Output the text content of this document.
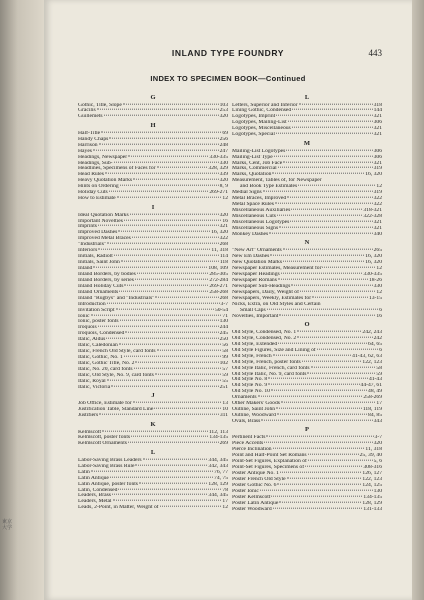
東京大学
INLAND TYPE FOUNDRY	443
INDEX TO SPECIMEN BOOK—Continued
G
Gothic, Title, Slope	103
Gracilis	253
Guillemets	320
H
Half-Title	69
Handy Chaps	256
Harrison	248
Hayes	247
Headings, Newspaper	330-335
Headings, Sub-	330
Headlines, Specimens of Faces for	328, 329
Head Rules	339
Heavy Quotation Marks	320
Hints on Ordering	8, 9
Holiday Cuts	269-271
How to Estimate	12
I
Ideal Quotation Marks	320
Important Novelties	16
Imprints	321
Improved Dashes	16, 320
Improved Metal Braces	322
"Industrials"	268
Inferiors	11, 318
Initials, Radiolt	114
Initials, Saint John	118
Inland	108, 109
Inland Borders, by bodies	285-305
Inland Borders, by series	272-284
Inland Holiday Cuts	269-271
Inland Ornaments	258-268
Inland "Rugbys" and "Industrials"	268
Introduction	3-7
Invitation Script	50-54
Ionic	71
Ionic, poster fonts	130
Iroquois	244
Iroquois, Condensed	245
Italic, Aldus	250
Italic, Caledonian	56
Italic, French Old Style, card fonts	58
Italic, Gothic, No. 1	99
Italic, Gothic Title, No. 2	102
Italic, No. 20, card fonts	57
Italic, Old Style, No. 9, card fonts	59
Italic, Royal	55
Italic, Victoria	251
J
Job Office, Estimate for	13
Justification Table, Standard Line	10
Justifiers	311
K
Kelmscott	112, 113
Kelmscott, poster fonts	134-135
Kelmscott Ornaments	269
L
Labor-Saving Brass Leaders	344, 345
Labor-Saving Brass Rule	342, 343
Latin	76, 77
Latin Antique	74, 75
Latin Antique, poster fonts	128, 129
Latin, Condensed	78
Leaders, Brass	344, 345
Leaders, Metal	17
Leads, 2-Point, in Matter, Weight of	12
L
Letters, Superior and Inferior	318
Lining Gothic, Condensed	144
Logotypes, Imprint	321
Logotypes, Mailing-List	306
Logotypes, Miscellaneous	321
Logotypes, Special	321
M
Mailing-List Logotypes	306
Mailing-List Type	306
Marks, Cent, Job Face	321
Marks, Commercial	319
Marks, Quotation	16, 320
Measurement, Tables of, for Newspaper
and Book Type Estimates	12
Medial Signs	319
Metal Braces, Improved	322
Metal Space Rules	322
Miscellaneous Auxiliaries	318-321
Miscellaneous Cuts	322-328
Miscellaneous Logotypes	321
Miscellaneous Signs	321
Monkey Dashes	340
N
"New Art" Ornaments	265
New Em Dashes	16, 320
New Quotation Marks	16, 320
Newspaper Estimates, Measurement for	12
Newspaper Headings	330-335
Newspaper Romans	18-26
Newspaper Sub-Headings	330
Newspapers, Daily, Weight of	12
Newspapers, Weekly, Estimates for	13-15
Nicks, Extra, on Old Styles and Certain
Small Caps	6
Novelties, Important	16
O
Old Style, Condensed, No. 1	242, 243
Old Style, Condensed, No. 2	242
Old Style, Extended	64, 65
Old Style Figures, Size and Lining of	6
Old Style, French	41-43, 62, 63
Old Style, French, poster fonts	122, 123
Old Style Italic, French, card fonts	58
Old Style Italic, No. 9, card fonts	59
Old Style No. 8	41-43
Old Style No. 9	44-47, 61
Old Style No. 10	48, 49
Ornaments	258-269
Other Makers' Goods	17
Outline, Saint John	118, 119
Outline, Woodward	84, 85
Ovals, Brass	343
P
Pertinent Facts	3-7
Piece Accents	320
Pierce Inclination	11, 318
Point and Half-Point Set Romans	25, 39, 40
Point-Set Figures, Explanation of	5, 6
Point-Set Figures, Specimens of	308-316
Poster Antique No. 1	126, 127
Poster French Old Style	122, 123
Poster Gothic No. 6	124, 125
Poster Ionic	130
Poster Kelmscott	134-135
Poster Latin Antique	128, 129
Poster Woodward	131-133
